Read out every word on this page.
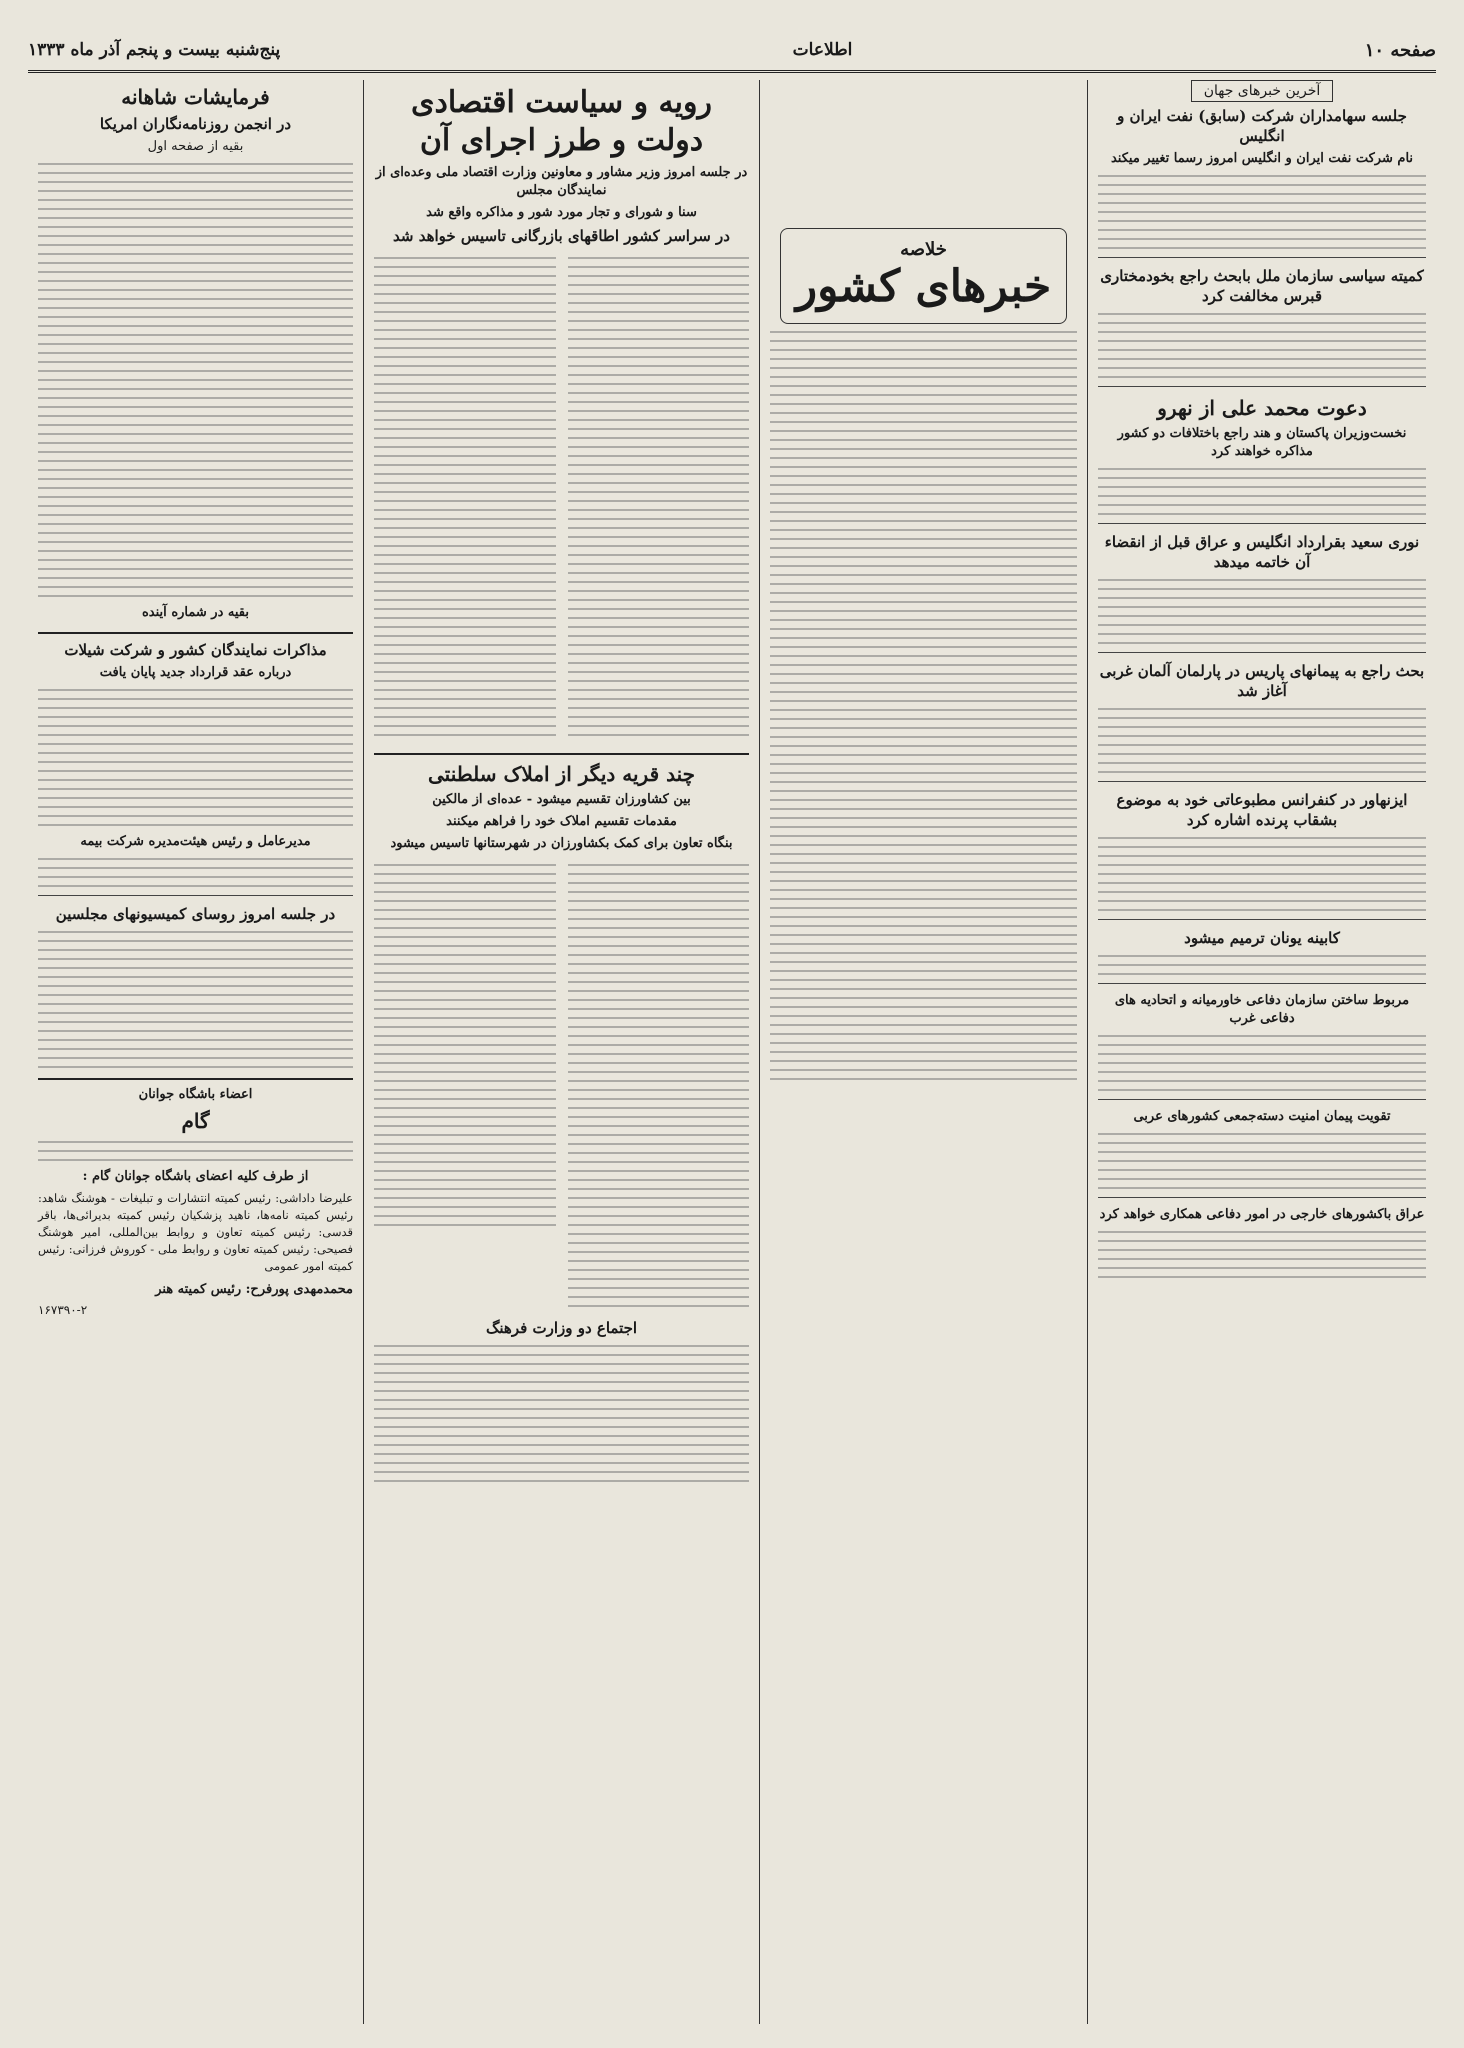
صفحه ۱۰
اطلاعات
پنج‌شنبه بیست و پنجم آذر ماه ۱۳۳۳
آخرین خبرهای جهان
جلسه سهامداران شرکت (سابق) نفت ایران و انگلیس
نام شرکت نفت ایران و انگلیس امروز رسما تغییر میکند
کمیته سیاسی سازمان ملل بابحث راجع بخودمختاری قبرس مخالفت کرد
دعوت محمد علی از نهرو
نخست‌وزیران پاکستان و هند راجع باختلافات دو کشور مذاکره خواهند کرد
نوری سعید بقرارداد انگلیس و عراق قبل از انقضاء آن خاتمه میدهد
بحث راجع به پیمانهای پاریس در پارلمان آلمان غربی آغاز شد
ایزنهاور در کنفرانس مطبوعاتی خود به موضوع بشقاب پرنده اشاره کرد
کابینه یونان ترمیم میشود
مربوط ساختن سازمان دفاعی خاورمیانه و اتحادیه های دفاعی غرب
تقویت پیمان امنیت دسته‌جمعی کشورهای عربی
عراق باکشورهای خارجی در امور دفاعی همکاری خواهد کرد
خلاصه
خبرهای کشور
رویه و سیاست اقتصادی دولت و طرز اجرای آن
در جلسه امروز وزیر مشاور و معاونین وزارت اقتصاد ملی وعده‌ای از نمایندگان مجلس
سنا و شورای و تجار مورد شور و مذاکره واقع شد
در سراسر کشور اطاقهای بازرگانی تاسیس خواهد شد
چند قریه دیگر از املاک سلطنتی
بین کشاورزان تقسیم میشود - عده‌ای از مالکین
مقدمات تقسیم املاک خود را فراهم میکنند
بنگاه تعاون برای کمک بکشاورزان در شهرستانها تاسیس میشود
اجتماع دو وزارت فرهنگ
فرمایشات شاهانه
در انجمن روزنامه‌نگاران امریکا
بقیه از صفحه اول
بقیه در شماره آینده
مذاکرات نمایندگان کشور و شرکت شیلات
درباره عقد قرارداد جدید پایان یافت
مدیرعامل و رئیس هیئت‌مدیره شرکت بیمه
در جلسه امروز روسای کمیسیونهای مجلسین
اعضاء باشگاه جوانان
گام
از طرف کلیه اعضای باشگاه جوانان گام :
علیرضا داداشی: رئیس کمیته انتشارات و تبلیغات - هوشنگ شاهد: رئیس کمیته نامه‌ها، ناهید پزشکیان رئیس کمیته بدیرائی‌ها، باقر قدسی: رئیس کمیته تعاون و روابط بین‌المللی، امیر هوشنگ فصیحی: رئیس کمیته تعاون و روابط ملی - کوروش فرزانی: رئیس کمیته امور عمومی
محمدمهدی پورفرح: رئیس کمیته هنر
۱۶۷۳۹۰-۲
